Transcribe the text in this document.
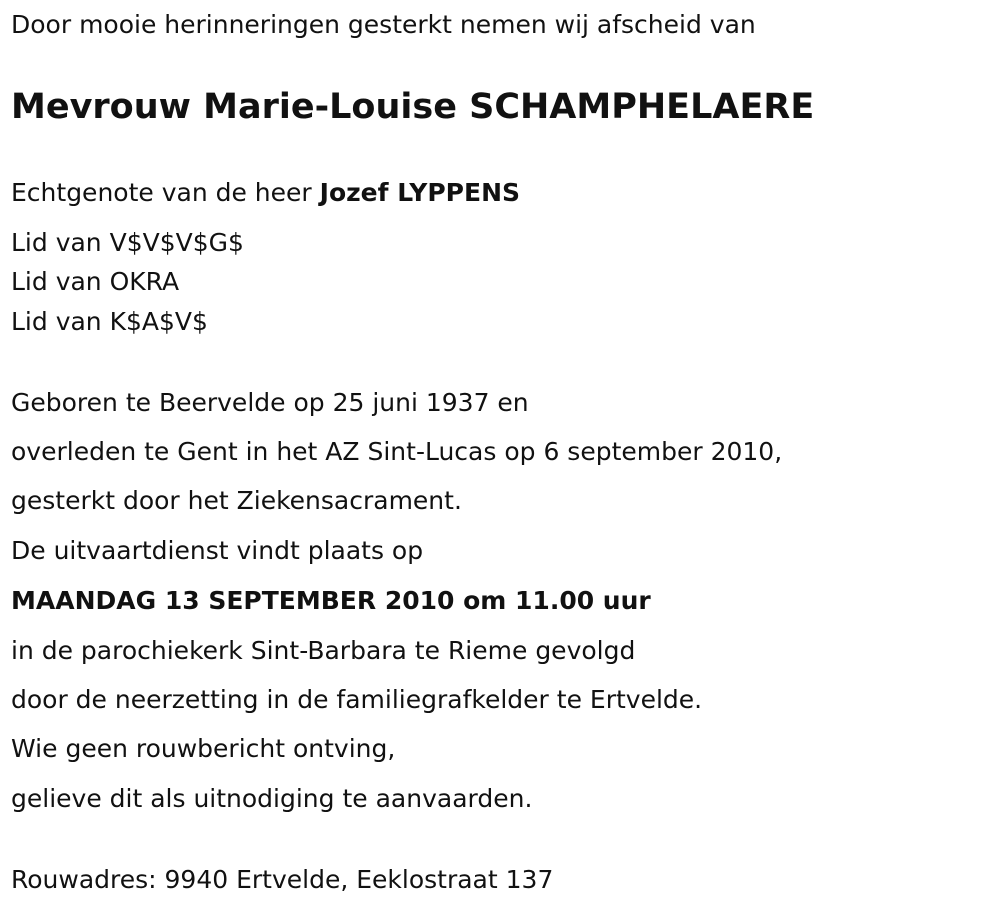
Door mooie herinneringen gesterkt nemen wij afscheid van
Mevrouw Marie-Louise SCHAMPHELAERE
Echtgenote van de heer Jozef LYPPENS
Lid van V$V$V$G$
Lid van OKRA
Lid van K$A$V$
Geboren te Beervelde op 25 juni 1937 en
overleden te Gent in het AZ Sint-Lucas op 6 september 2010,
gesterkt door het Ziekensacrament.
De uitvaartdienst vindt plaats op
MAANDAG 13 SEPTEMBER 2010 om 11.00 uur
in de parochiekerk Sint-Barbara te Rieme gevolgd
door de neerzetting in de familiegrafkelder te Ertvelde.
Wie geen rouwbericht ontving,
gelieve dit als uitnodiging te aanvaarden.
Rouwadres: 9940 Ertvelde, Eeklostraat 137
